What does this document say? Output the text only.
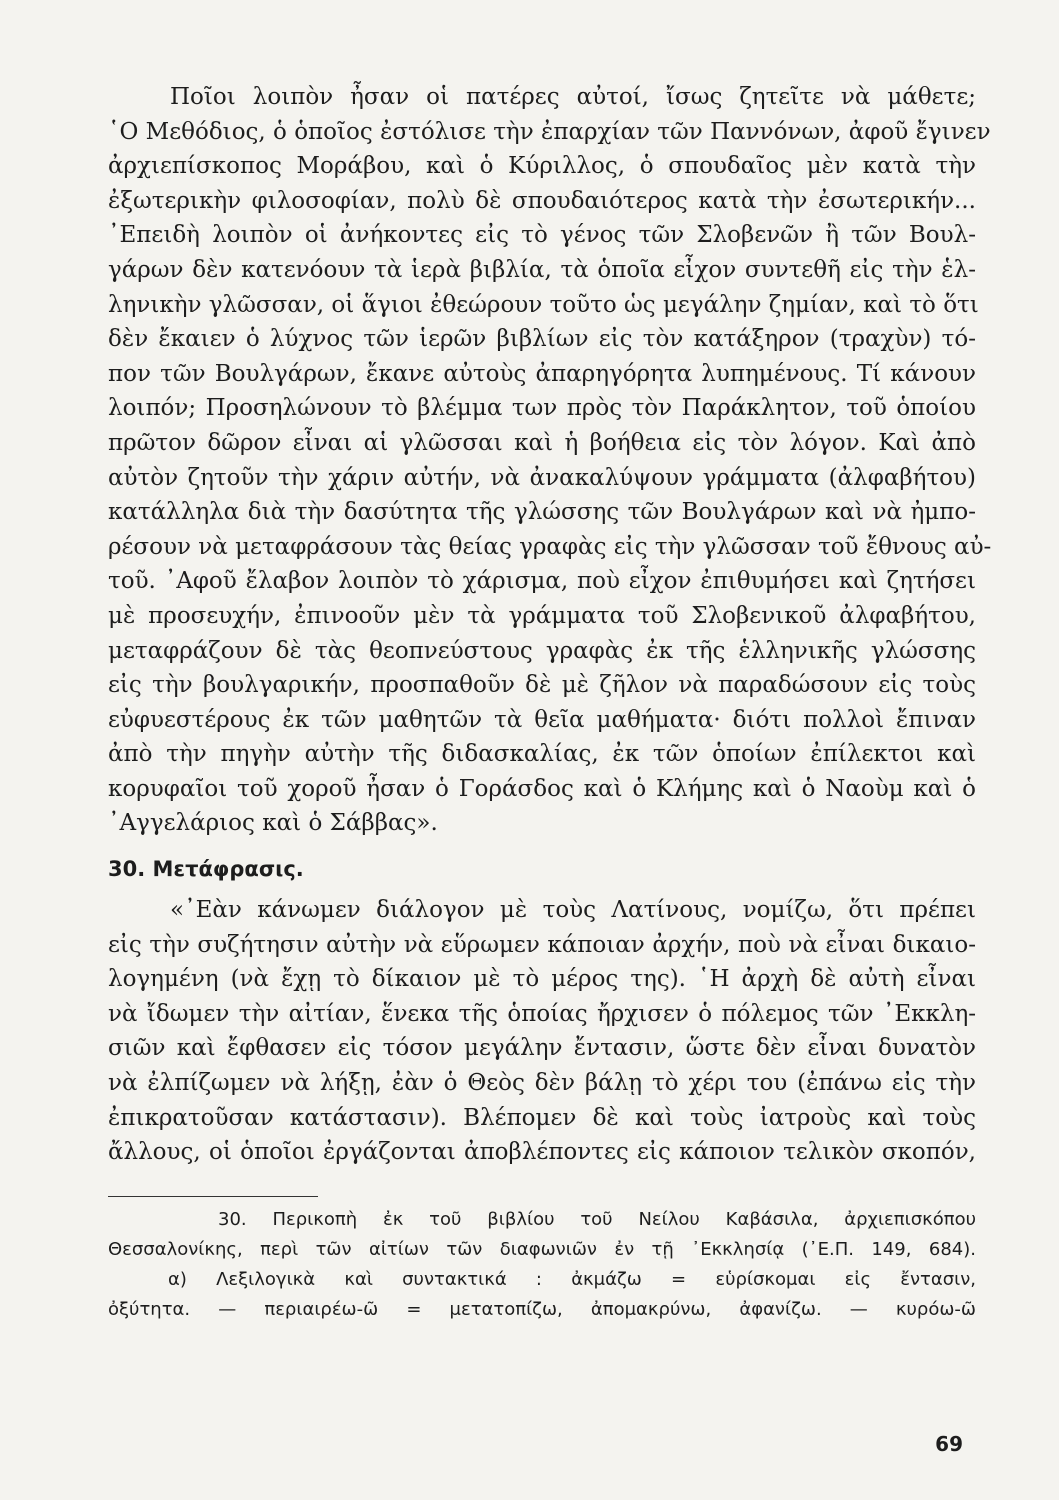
Ποῖοι λοιπὸν ἦσαν οἱ πατέρες αὐτοί, ἴσως ζητεῖτε νὰ μάθετε;
῾Ο Μεθόδιος, ὁ ὁποῖος ἐστόλισε τὴν ἐπαρχίαν τῶν Παννόνων, ἀφοῦ ἔγινεν
ἀρχιεπίσκοπος Μοράβου, καὶ ὁ Κύριλλος, ὁ σπουδαῖος μὲν κατὰ τὴν
ἐξωτερικὴν φιλοσοφίαν, πολὺ δὲ σπουδαιότερος κατὰ τὴν ἐσωτερικήν...
᾿Επειδὴ λοιπὸν οἱ ἀνήκοντες εἰς τὸ γένος τῶν Σλοβενῶν ἢ τῶν Βουλ-
γάρων δὲν κατενόουν τὰ ἱερὰ βιβλία, τὰ ὁποῖα εἶχον συντεθῆ εἰς τὴν ἑλ-
ληνικὴν γλῶσσαν, οἱ ἅγιοι ἐθεώρουν τοῦτο ὡς μεγάλην ζημίαν, καὶ τὸ ὅτι
δὲν ἔκαιεν ὁ λύχνος τῶν ἱερῶν βιβλίων εἰς τὸν κατάξηρον (τραχὺν) τό-
πον τῶν Βουλγάρων, ἔκανε αὐτοὺς ἀπαρηγόρητα λυπημένους. Τί κάνουν
λοιπόν; Προσηλώνουν τὸ βλέμμα των πρὸς τὸν Παράκλητον, τοῦ ὁποίου
πρῶτον δῶρον εἶναι αἱ γλῶσσαι καὶ ἡ βοήθεια εἰς τὸν λόγον. Καὶ ἀπὸ
αὐτὸν ζητοῦν τὴν χάριν αὐτήν, νὰ ἀνακαλύψουν γράμματα (ἀλφαβήτου)
κατάλληλα διὰ τὴν δασύτητα τῆς γλώσσης τῶν Βουλγάρων καὶ νὰ ἠμπο-
ρέσουν νὰ μεταφράσουν τὰς θείας γραφὰς εἰς τὴν γλῶσσαν τοῦ ἔθνους αὐ-
τοῦ. ᾿Αφοῦ ἔλαβον λοιπὸν τὸ χάρισμα, ποὺ εἶχον ἐπιθυμήσει καὶ ζητήσει
μὲ προσευχήν, ἐπινοοῦν μὲν τὰ γράμματα τοῦ Σλοβενικοῦ ἀλφαβήτου,
μεταφράζουν δὲ τὰς θεοπνεύστους γραφὰς ἐκ τῆς ἑλληνικῆς γλώσσης
εἰς τὴν βουλγαρικήν, προσπαθοῦν δὲ μὲ ζῆλον νὰ παραδώσουν εἰς τοὺς
εὐφυεστέρους ἐκ τῶν μαθητῶν τὰ θεῖα μαθήματα· διότι πολλοὶ ἔπιναν
ἀπὸ τὴν πηγὴν αὐτὴν τῆς διδασκαλίας, ἐκ τῶν ὁποίων ἐπίλεκτοι καὶ
κορυφαῖοι τοῦ χοροῦ ἦσαν ὁ Γοράσδος καὶ ὁ Κλήμης καὶ ὁ Ναοὺμ καὶ ὁ
᾿Αγγελάριος καὶ ὁ Σάββας».
30. Μετάφρασις.
«᾿Εὰν κάνωμεν διάλογον μὲ τοὺς Λατίνους, νομίζω, ὅτι πρέπει
εἰς τὴν συζήτησιν αὐτὴν νὰ εὕρωμεν κάποιαν ἀρχήν, ποὺ νὰ εἶναι δικαιο-
λογημένη (νὰ ἔχῃ τὸ δίκαιον μὲ τὸ μέρος της). ῾Η ἀρχὴ δὲ αὐτὴ εἶναι
νὰ ἴδωμεν τὴν αἰτίαν, ἕνεκα τῆς ὁποίας ἤρχισεν ὁ πόλεμος τῶν ᾿Εκκλη-
σιῶν καὶ ἔφθασεν εἰς τόσον μεγάλην ἔντασιν, ὥστε δὲν εἶναι δυνατὸν
νὰ ἐλπίζωμεν νὰ λήξῃ, ἐὰν ὁ Θεὸς δὲν βάλῃ τὸ χέρι του (ἐπάνω εἰς τὴν
ἐπικρατοῦσαν κατάστασιν). Βλέπομεν δὲ καὶ τοὺς ἰατροὺς καὶ τοὺς
ἄλλους, οἱ ὁποῖοι ἐργάζονται ἀποβλέποντες εἰς κάποιον τελικὸν σκοπόν,
30. Περικοπὴ ἐκ τοῦ βιβλίου τοῦ Νείλου Καβάσιλα, ἀρχιεπισκόπου
Θεσσαλονίκης, περὶ τῶν αἰτίων τῶν διαφωνιῶν ἐν τῇ ᾿Εκκλησίᾳ (᾿Ε.Π. 149, 684).
α) Λεξιλογικὰ καὶ συντακτικά : ἀκμάζω = εὑρίσκομαι εἰς ἔντασιν,
ὀξύτητα. — περιαιρέω-ῶ = μετατοπίζω, ἀπομακρύνω, ἀφανίζω. — κυρόω-ῶ
69
